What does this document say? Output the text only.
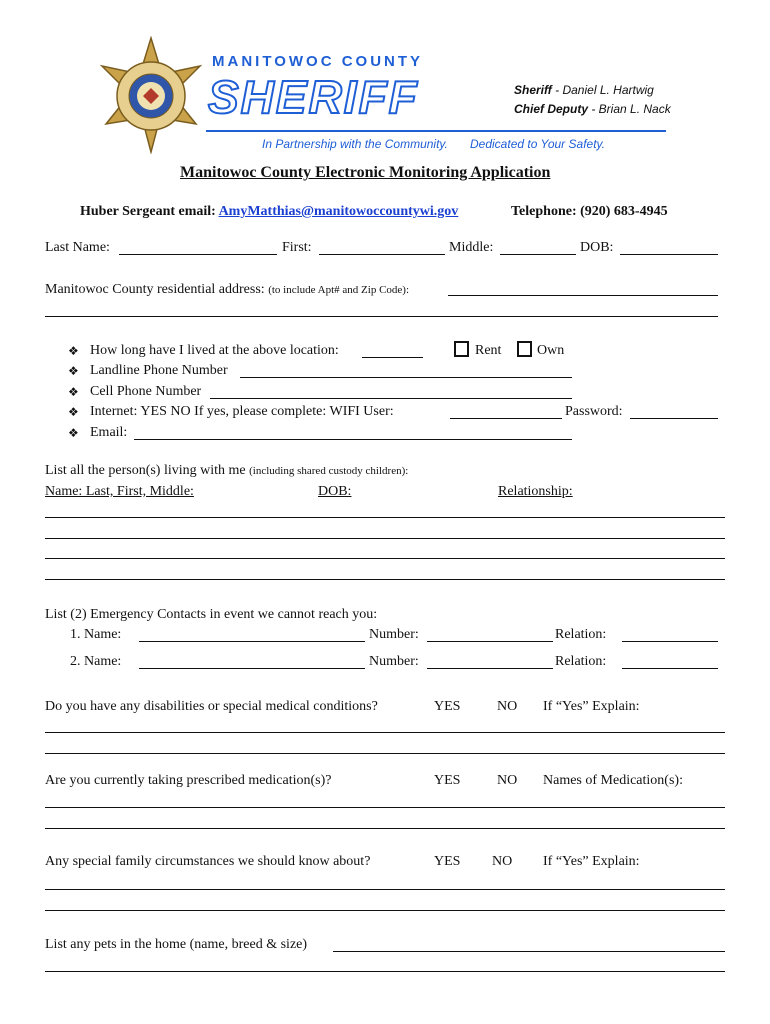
MANITOWOC COUNTY
SHERIFF	Sheriff - Daniel L. Hartwig
Chief Deputy - Brian L. Nack
In Partnership with the Community. Dedicated to Your Safety.
Manitowoc County Electronic Monitoring Application
Huber Sergeant email: AmyMatthias@manitowoccountywi.gov	Telephone: (920) 683-4945
Last Name:	First:	Middle:	DOB:
Manitowoc County residential address: (to include Apt# and Zip Code):
❖ How long have I lived at the above location:	Rent	Own
❖ Landline Phone Number
❖ Cell Phone Number
❖ Internet: YES NO If yes, please complete: WIFI User:	Password:
❖ Email:
List all the person(s) living with me (including shared custody children):
Name: Last, First, Middle:	DOB:	Relationship:
List (2) Emergency Contacts in event we cannot reach you:
1. Name:	Number:	Relation:
2. Name:	Number:	Relation:
Do you have any disabilities or special medical conditions?	YES	NO If “Yes” Explain:
Are you currently taking prescribed medication(s)?	YES	NO Names of Medication(s):
Any special family circumstances we should know about?	YES NO If “Yes” Explain:
List any pets in the home (name, breed & size)
